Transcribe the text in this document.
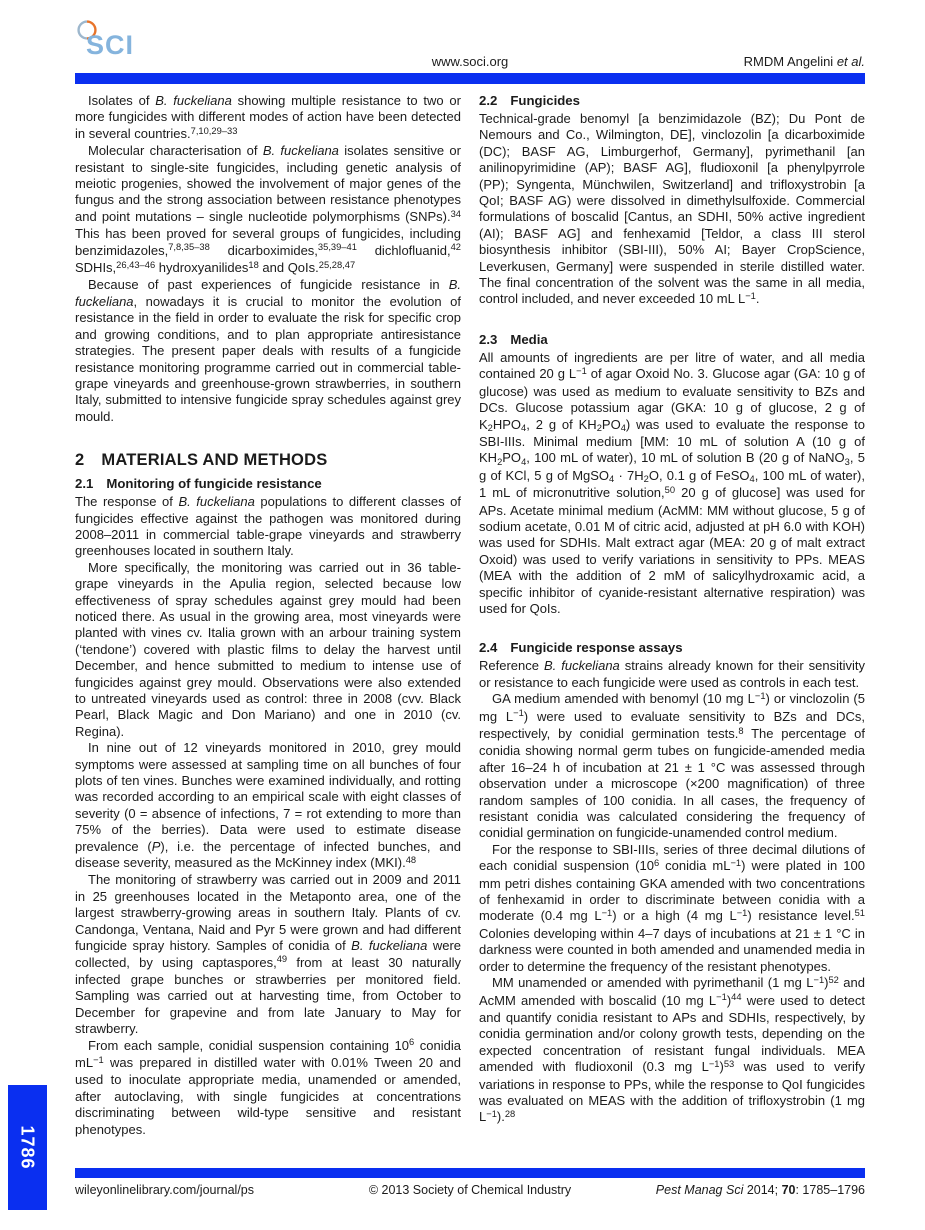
SCI
www.soci.org	RMDM Angelini et al.

Isolates of B. fuckeliana showing multiple resistance to two or more fungicides with different modes of action have been detected in several countries.$^{7,10,29-33}$

Molecular characterisation of B. fuckeliana isolates sensitive or resistant to single-site fungicides, including genetic analysis of meiotic progenies, showed the involvement of major genes of the fungus and the strong association between resistance phenotypes and point mutations – single nucleotide polymorphisms (SNPs).$^{34}$ This has been proved for several groups of fungicides, including benzimidazoles,$^{7,8,35-38}$ dicarboximides,$^{35,39-41}$ dichlofluanid,$^{42}$ SDHIs,$^{26,43-46}$ hydroxyanilides$^{18}$ and QoIs.$^{25,28,47}$

Because of past experiences of fungicide resistance in B. fuckeliana, nowadays it is crucial to monitor the evolution of resistance in the field in order to evaluate the risk for specific crop and growing conditions, and to plan appropriate antiresistance strategies. The present paper deals with results of a fungicide resistance monitoring programme carried out in commercial table-grape vineyards and greenhouse-grown strawberries, in southern Italy, submitted to intensive fungicide spray schedules against grey mould.

2 MATERIALS AND METHODS
2.1 Monitoring of fungicide resistance

The response of B. fuckeliana populations to different classes of fungicides effective against the pathogen was monitored during 2008–2011 in commercial table-grape vineyards and strawberry greenhouses located in southern Italy.

More specifically, the monitoring was carried out in 36 table-grape vineyards in the Apulia region, selected because low effectiveness of spray schedules against grey mould had been noticed there. As usual in the growing area, most vineyards were planted with vines cv. Italia grown with an arbour training system (‘tendone’) covered with plastic films to delay the harvest until December, and hence submitted to medium to intense use of fungicides against grey mould. Observations were also extended to untreated vineyards used as control: three in 2008 (cvv. Black Pearl, Black Magic and Don Mariano) and one in 2010 (cv. Regina).

In nine out of 12 vineyards monitored in 2010, grey mould symptoms were assessed at sampling time on all bunches of four plots of ten vines. Bunches were examined individually, and rotting was recorded according to an empirical scale with eight classes of severity (0 = absence of infections, 7 = rot extending to more than 75% of the berries). Data were used to estimate disease prevalence (P), i.e. the percentage of infected bunches, and disease severity, measured as the McKinney index (MKI).$^{48}$

The monitoring of strawberry was carried out in 2009 and 2011 in 25 greenhouses located in the Metaponto area, one of the largest strawberry-growing areas in southern Italy. Plants of cv. Candonga, Ventana, Naid and Pyr 5 were grown and had different fungicide spray history. Samples of conidia of B. fuckeliana were collected, by using captaspores,$^{49}$ from at least 30 naturally infected grape bunches or strawberries per monitored field. Sampling was carried out at harvesting time, from October to December for grapevine and from late January to May for strawberry.

From each sample, conidial suspension containing $10^6$ conidia $mL^{-1}$ was prepared in distilled water with 0.01% Tween 20 and used to inoculate appropriate media, unamended or amended, after autoclaving, with single fungicides at concentrations discriminating between wild-type sensitive and resistant phenotypes.

2.2 Fungicides

Technical-grade benomyl [a benzimidazole (BZ); Du Pont de Nemours and Co., Wilmington, DE], vinclozolin [a dicarboximide (DC); BASF AG, Limburgerhof, Germany], pyrimethanil [an anilinopyrimidine (AP); BASF AG], fludioxonil [a phenylpyrrole (PP); Syngenta, Münchwilen, Switzerland] and trifloxystrobin [a QoI; BASF AG) were dissolved in dimethylsulfoxide. Commercial formulations of boscalid [Cantus, an SDHI, 50% active ingredient (AI); BASF AG] and fenhexamid [Teldor, a class III sterol biosynthesis inhibitor (SBI-III), 50% AI; Bayer CropScience, Leverkusen, Germany] were suspended in sterile distilled water. The final concentration of the solvent was the same in all media, control included, and never exceeded 10 mL $L^{-1}$.

2.3 Media

All amounts of ingredients are per litre of water, and all media contained 20 g $L^{-1}$ of agar Oxoid No. 3. Glucose agar (GA: 10 g of glucose) was used as medium to evaluate sensitivity to BZs and DCs. Glucose potassium agar (GKA: 10 g of glucose, 2 g of $K_2HPO_4$, 2 g of $KH_2PO_4$) was used to evaluate the response to SBI-IIIs. Minimal medium [MM: 10 mL of solution A (10 g of $KH_2PO_4$, 100 mL of water), 10 mL of solution B (20 g of NaNO$_3$, 5 g of KCl, 5 g of MgSO$_4$ · $7H_2O$, 0.1 g of FeSO$_4$, 100 mL of water), 1 mL of micronutritive solution,$^{50}$ 20 g of glucose] was used for APs. Acetate minimal medium (AcMM: MM without glucose, 5 g of sodium acetate, 0.01 M of citric acid, adjusted at pH 6.0 with KOH) was used for SDHIs. Malt extract agar (MEA: 20 g of malt extract Oxoid) was used to verify variations in sensitivity to PPs. MEAS (MEA with the addition of 2 mM of salicylhydroxamic acid, a specific inhibitor of cyanide-resistant alternative respiration) was used for QoIs.

2.4 Fungicide response assays

Reference B. fuckeliana strains already known for their sensitivity or resistance to each fungicide were used as controls in each test.

GA medium amended with benomyl (10 mg $L^{-1}$) or vinclozolin (5 mg $L^{-1}$) were used to evaluate sensitivity to BZs and DCs, respectively, by conidial germination tests.$^8$ The percentage of conidia showing normal germ tubes on fungicide-amended media after 16–24 h of incubation at 21 ± 1 °C was assessed through observation under a microscope (×200 magnification) of three random samples of 100 conidia. In all cases, the frequency of resistant conidia was calculated considering the frequency of conidial germination on fungicide-unamended control medium.

For the response to SBI-IIIs, series of three decimal dilutions of each conidial suspension ($10^6$ conidia $mL^{-1}$) were plated in 100 mm petri dishes containing GKA amended with two concentrations of fenhexamid in order to discriminate between conidia with a moderate (0.4 mg $L^{-1}$) or a high (4 mg $L^{-1}$) resistance level.$^{51}$ Colonies developing within 4–7 days of incubations at 21 ± 1 °C in darkness were counted in both amended and unamended media in order to determine the frequency of the resistant phenotypes.

MM unamended or amended with pyrimethanil (1 mg $L^{-1})^{52}$ and AcMM amended with boscalid (10 mg $L^{-1})^{44}$ were used to detect and quantify conidia resistant to APs and SDHIs, respectively, by conidia germination and/or colony growth tests, depending on the expected concentration of resistant fungal individuals. MEA amended with fludioxonil (0.3 mg $L^{-1})^{53}$ was used to verify variations in response to PPs, while the response to QoI fungicides was evaluated on MEAS with the addition of trifloxystrobin (1 mg $L^{-1}).^{28}$

1786
wileyonlinelibrary.com/journal/ps	© 2013 Society of Chemical Industry	Pest Manag Sci 2014; 70: 1785–1796
